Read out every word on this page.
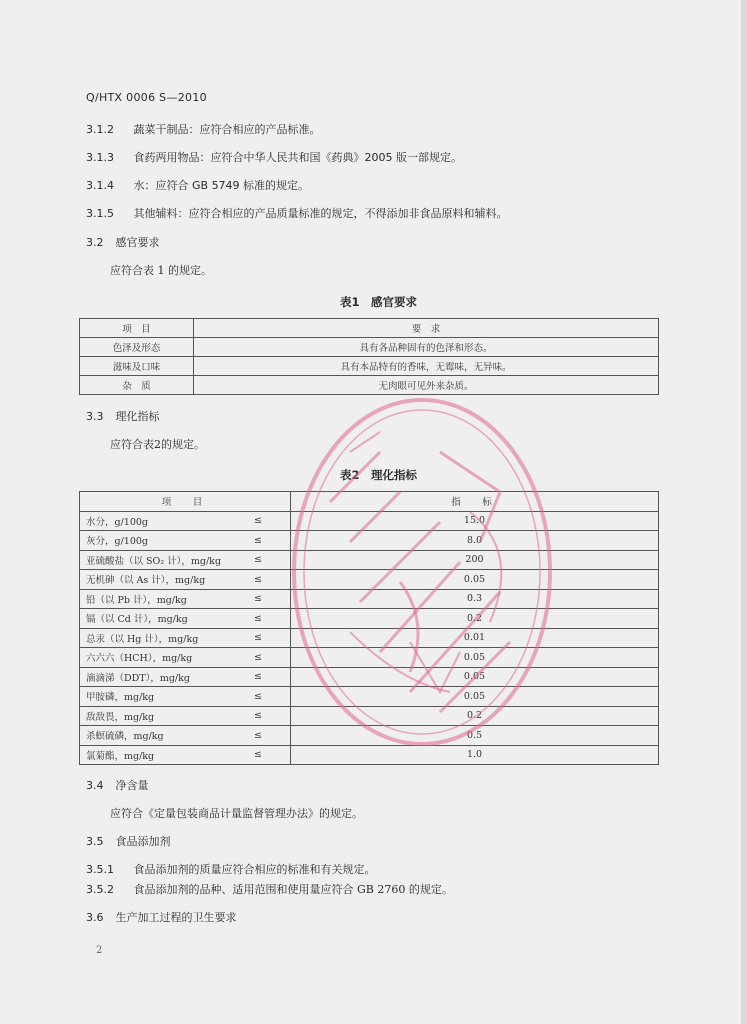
Q/HTX 0006 S—2010
3.1.2 蔬菜干制品：应符合相应的产品标准。
3.1.3 食药两用物品：应符合中华人民共和国《药典》2005 版一部规定。
3.1.4 水：应符合 GB 5749 标准的规定。
3.1.5 其他辅料：应符合相应的产品质量标准的规定，不得添加非食品原料和辅料。
3.2 感官要求
应符合表 1 的规定。
表1　感官要求
项　目	要　求
色泽及形态	具有各品种固有的色泽和形态。
滋味及口味	具有本品特有的香味，无霉味，无异味。
杂　质	无肉眼可见外来杂质。
3.3 理化指标
应符合表2的规定。
表2　理化指标
项　目		指　标
水分，g/100g	≤	15.0
灰分，g/100g	≤	8.0
亚硫酸盐（以 SO₂ 计），mg/kg	≤	200
无机砷（以 As 计），mg/kg	≤	0.05
铅（以 Pb 计），mg/kg	≤	0.3
镉（以 Cd 计），mg/kg	≤	0.2
总汞（以 Hg 计），mg/kg	≤	0.01
六六六（HCH），mg/kg	≤	0.05
滴滴涕（DDT），mg/kg	≤	0.05
甲胺磷，mg/kg	≤	0.05
敌敌畏，mg/kg	≤	0.2
杀螟硫磷，mg/kg	≤	0.5
氯菊酯，mg/kg	≤	1.0
3.4 净含量
应符合《定量包装商品计量监督管理办法》的规定。
3.5 食品添加剂
3.5.1 食品添加剂的质量应符合相应的标准和有关规定。
3.5.2 食品添加剂的品种、适用范围和使用量应符合 GB 2760 的规定。
3.6 生产加工过程的卫生要求
2
